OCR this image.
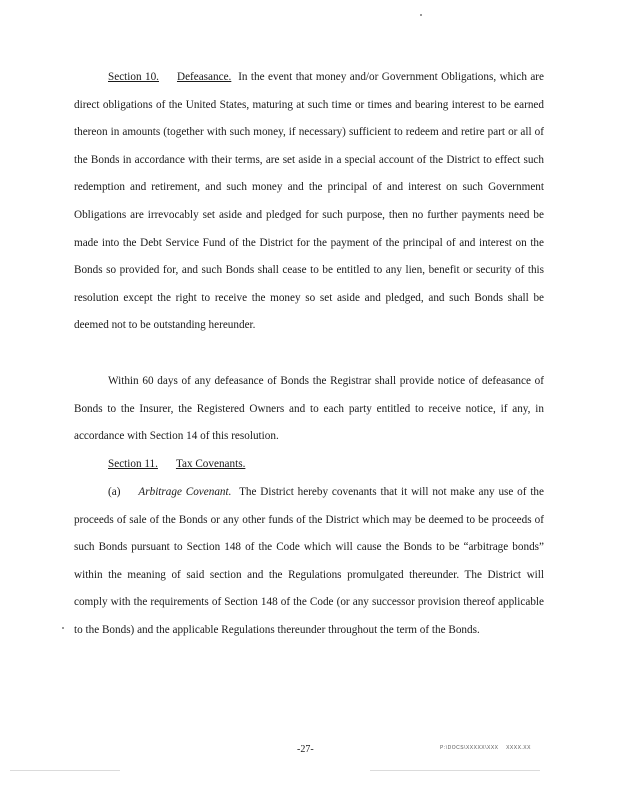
Section 10. Defeasance. In the event that money and/or Government Obligations, which are direct obligations of the United States, maturing at such time or times and bearing interest to be earned thereon in amounts (together with such money, if necessary) sufficient to redeem and retire part or all of the Bonds in accordance with their terms, are set aside in a special account of the District to effect such redemption and retirement, and such money and the principal of and interest on such Government Obligations are irrevocably set aside and pledged for such purpose, then no further payments need be made into the Debt Service Fund of the District for the payment of the principal of and interest on the Bonds so provided for, and such Bonds shall cease to be entitled to any lien, benefit or security of this resolution except the right to receive the money so set aside and pledged, and such Bonds shall be deemed not to be outstanding hereunder.

Within 60 days of any defeasance of Bonds the Registrar shall provide notice of defeasance of Bonds to the Insurer, the Registered Owners and to each party entitled to receive notice, if any, in accordance with Section 14 of this resolution.

Section 11. Tax Covenants.

(a) Arbitrage Covenant. The District hereby covenants that it will not make any use of the proceeds of sale of the Bonds or any other funds of the District which may be deemed to be proceeds of such Bonds pursuant to Section 148 of the Code which will cause the Bonds to be “arbitrage bonds” within the meaning of said section and the Regulations promulgated thereunder. The District will comply with the requirements of Section 148 of the Code (or any successor provision thereof applicable to the Bonds) and the applicable Regulations thereunder throughout the term of the Bonds.

-27-	P:\DOCS\XXXXX\XXX    XXXX.XX
